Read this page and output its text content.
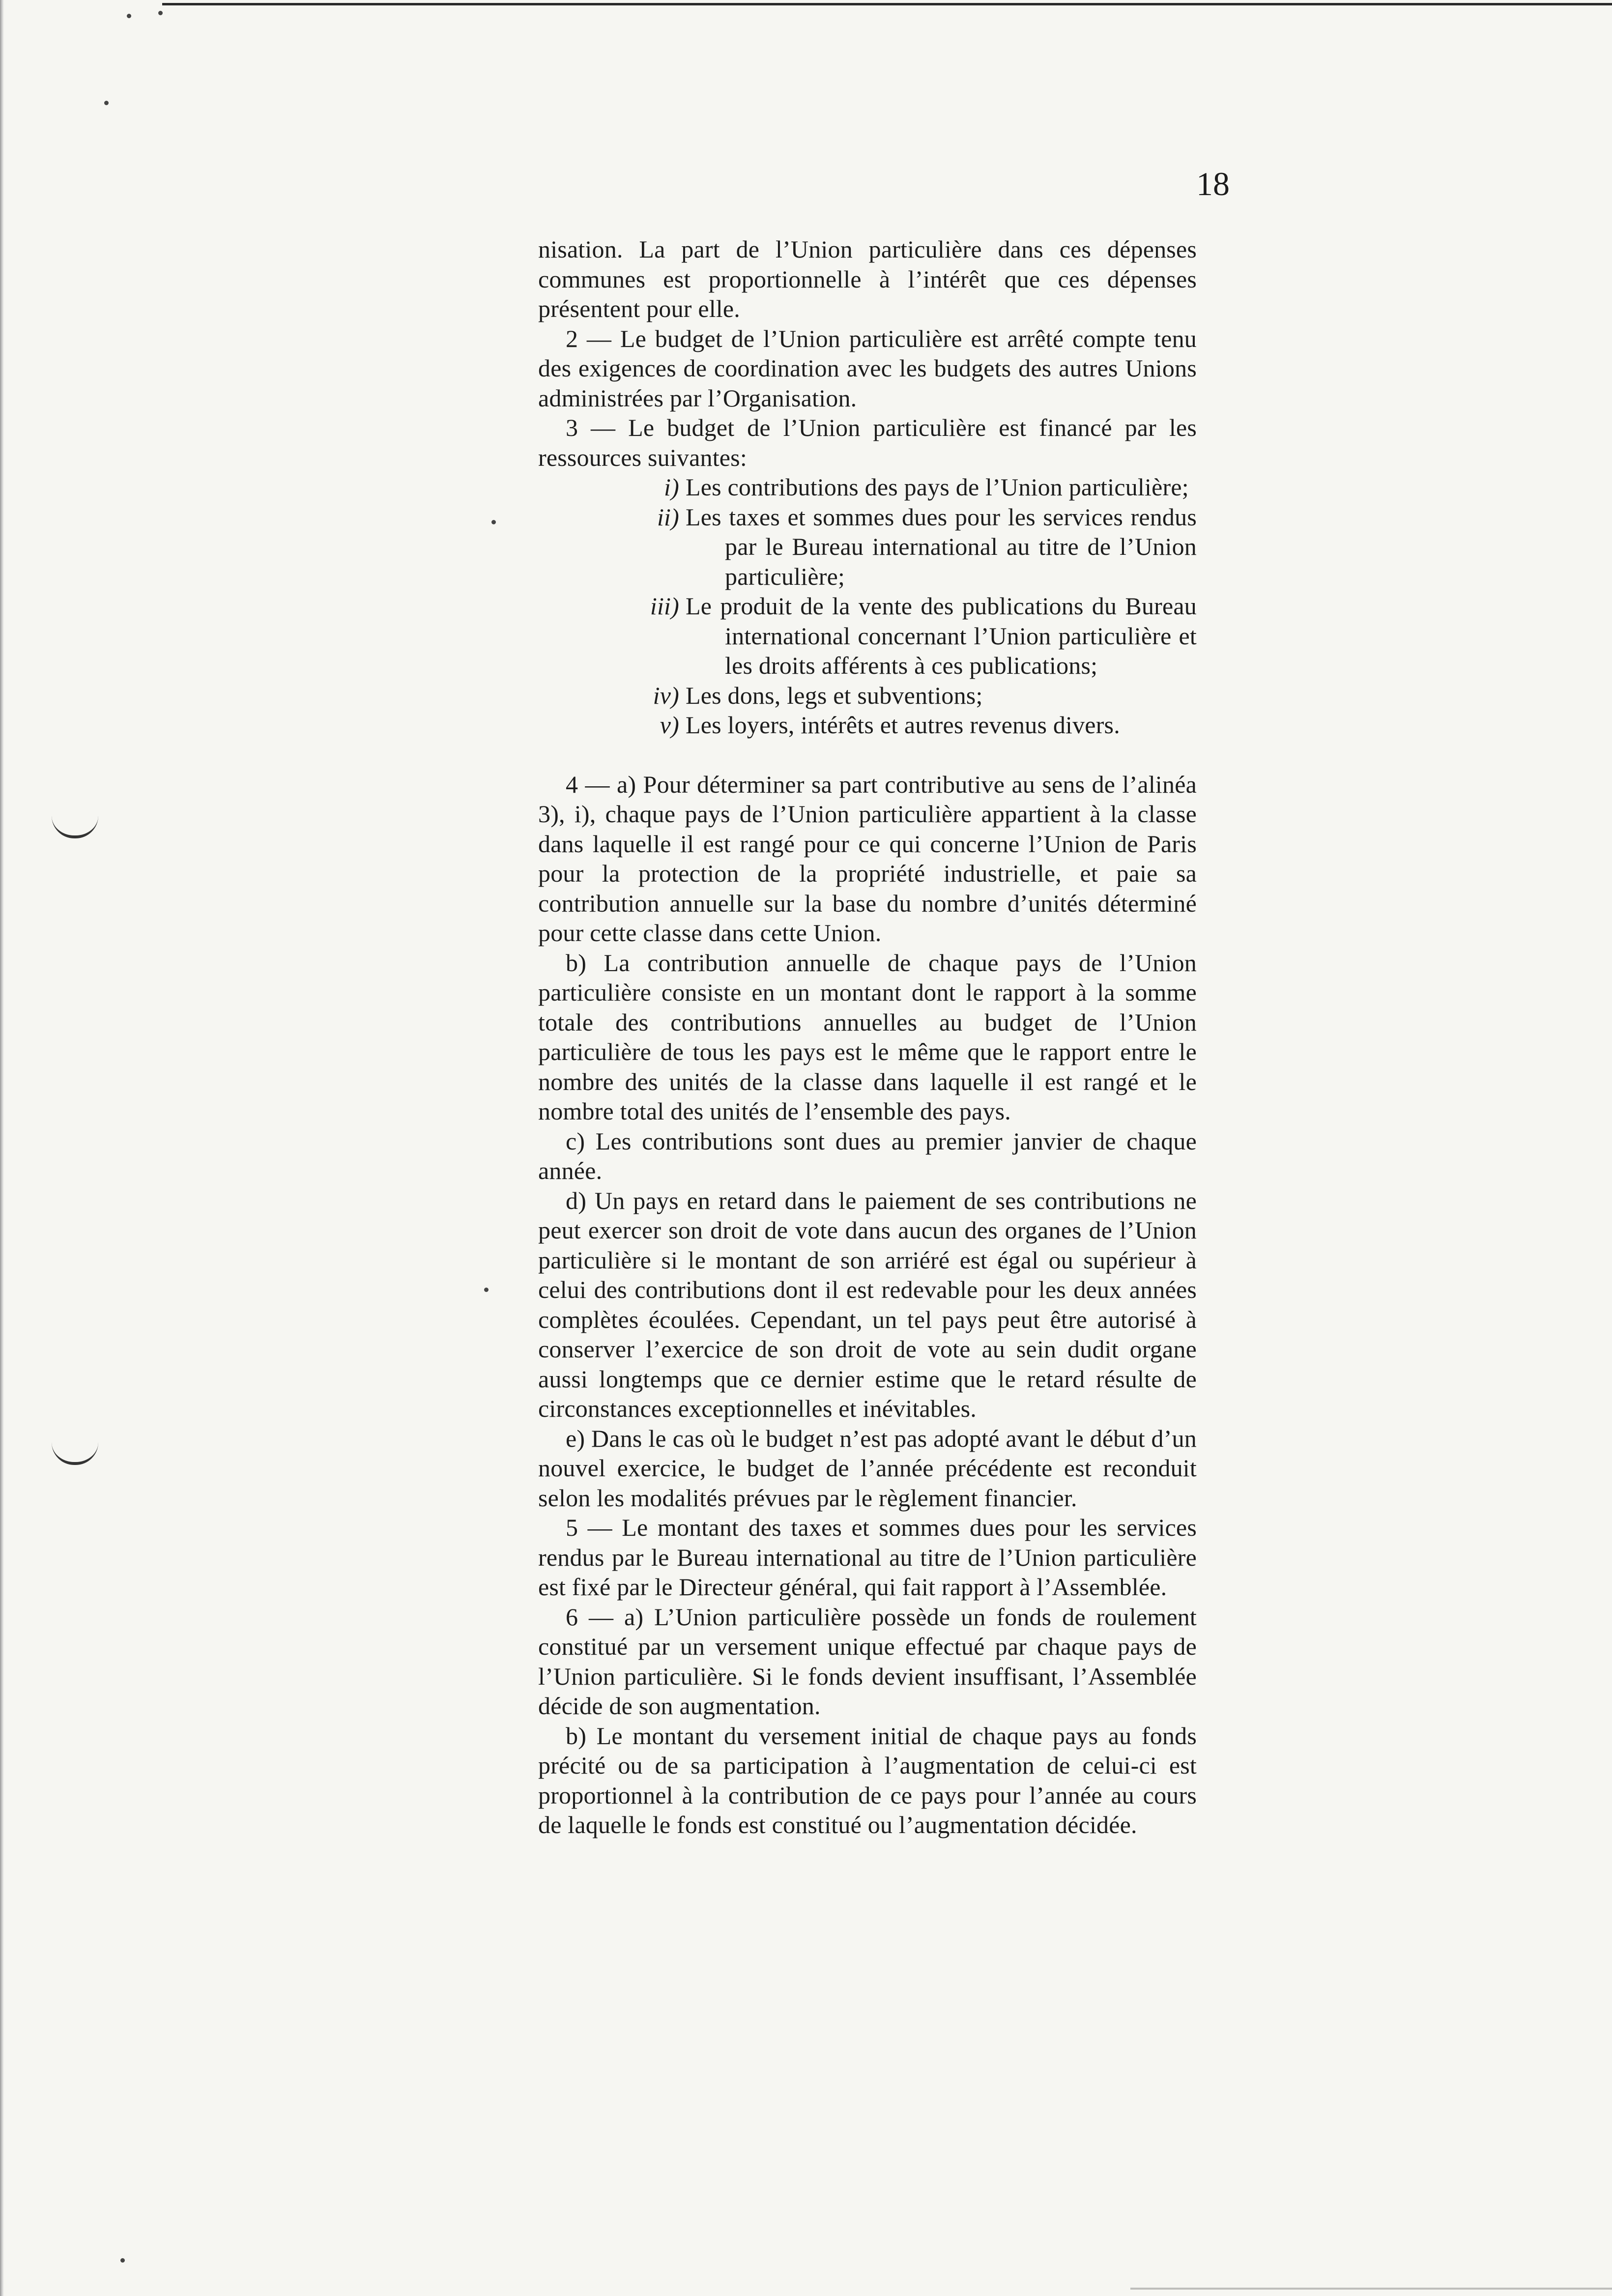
18

nisation. La part de l’Union particulière dans ces dépenses communes est proportionnelle à l’intérêt que ces dépenses présentent pour elle.

2 — Le budget de l’Union particulière est arrêté compte tenu des exigences de coordination avec les budgets des autres Unions administrées par l’Organisation.

3 — Le budget de l’Union particulière est financé par les ressources suivantes:

i) Les contributions des pays de l’Union particulière;
ii) Les taxes et sommes dues pour les services rendus par le Bureau international au titre de l’Union particulière;
iii) Le produit de la vente des publications du Bureau international concernant l’Union particulière et les droits afférents à ces publications;
iv) Les dons, legs et subventions;
v) Les loyers, intérêts et autres revenus divers.

4 — a) Pour déterminer sa part contributive au sens de l’alinéa 3), i), chaque pays de l’Union particulière appartient à la classe dans laquelle il est rangé pour ce qui concerne l’Union de Paris pour la protection de la propriété industrielle, et paie sa contribution annuelle sur la base du nombre d’unités déterminé pour cette classe dans cette Union.

b) La contribution annuelle de chaque pays de l’Union particulière consiste en un montant dont le rapport à la somme totale des contributions annuelles au budget de l’Union particulière de tous les pays est le même que le rapport entre le nombre des unités de la classe dans laquelle il est rangé et le nombre total des unités de l’ensemble des pays.

c) Les contributions sont dues au premier janvier de chaque année.

d) Un pays en retard dans le paiement de ses contributions ne peut exercer son droit de vote dans aucun des organes de l’Union particulière si le montant de son arriéré est égal ou supérieur à celui des contributions dont il est redevable pour les deux années complètes écoulées. Cependant, un tel pays peut être autorisé à conserver l’exercice de son droit de vote au sein dudit organe aussi longtemps que ce dernier estime que le retard résulte de circonstances exceptionnelles et inévitables.

e) Dans le cas où le budget n’est pas adopté avant le début d’un nouvel exercice, le budget de l’année précédente est reconduit selon les modalités prévues par le règlement financier.

5 — Le montant des taxes et sommes dues pour les services rendus par le Bureau international au titre de l’Union particulière est fixé par le Directeur général, qui fait rapport à l’Assemblée.

6 — a) L’Union particulière possède un fonds de roulement constitué par un versement unique effectué par chaque pays de l’Union particulière. Si le fonds devient insuffisant, l’Assemblée décide de son augmentation.

b) Le montant du versement initial de chaque pays au fonds précité ou de sa participation à l’augmentation de celui-ci est proportionnel à la contribution de ce pays pour l’année au cours de laquelle le fonds est constitué ou l’augmentation décidée.
